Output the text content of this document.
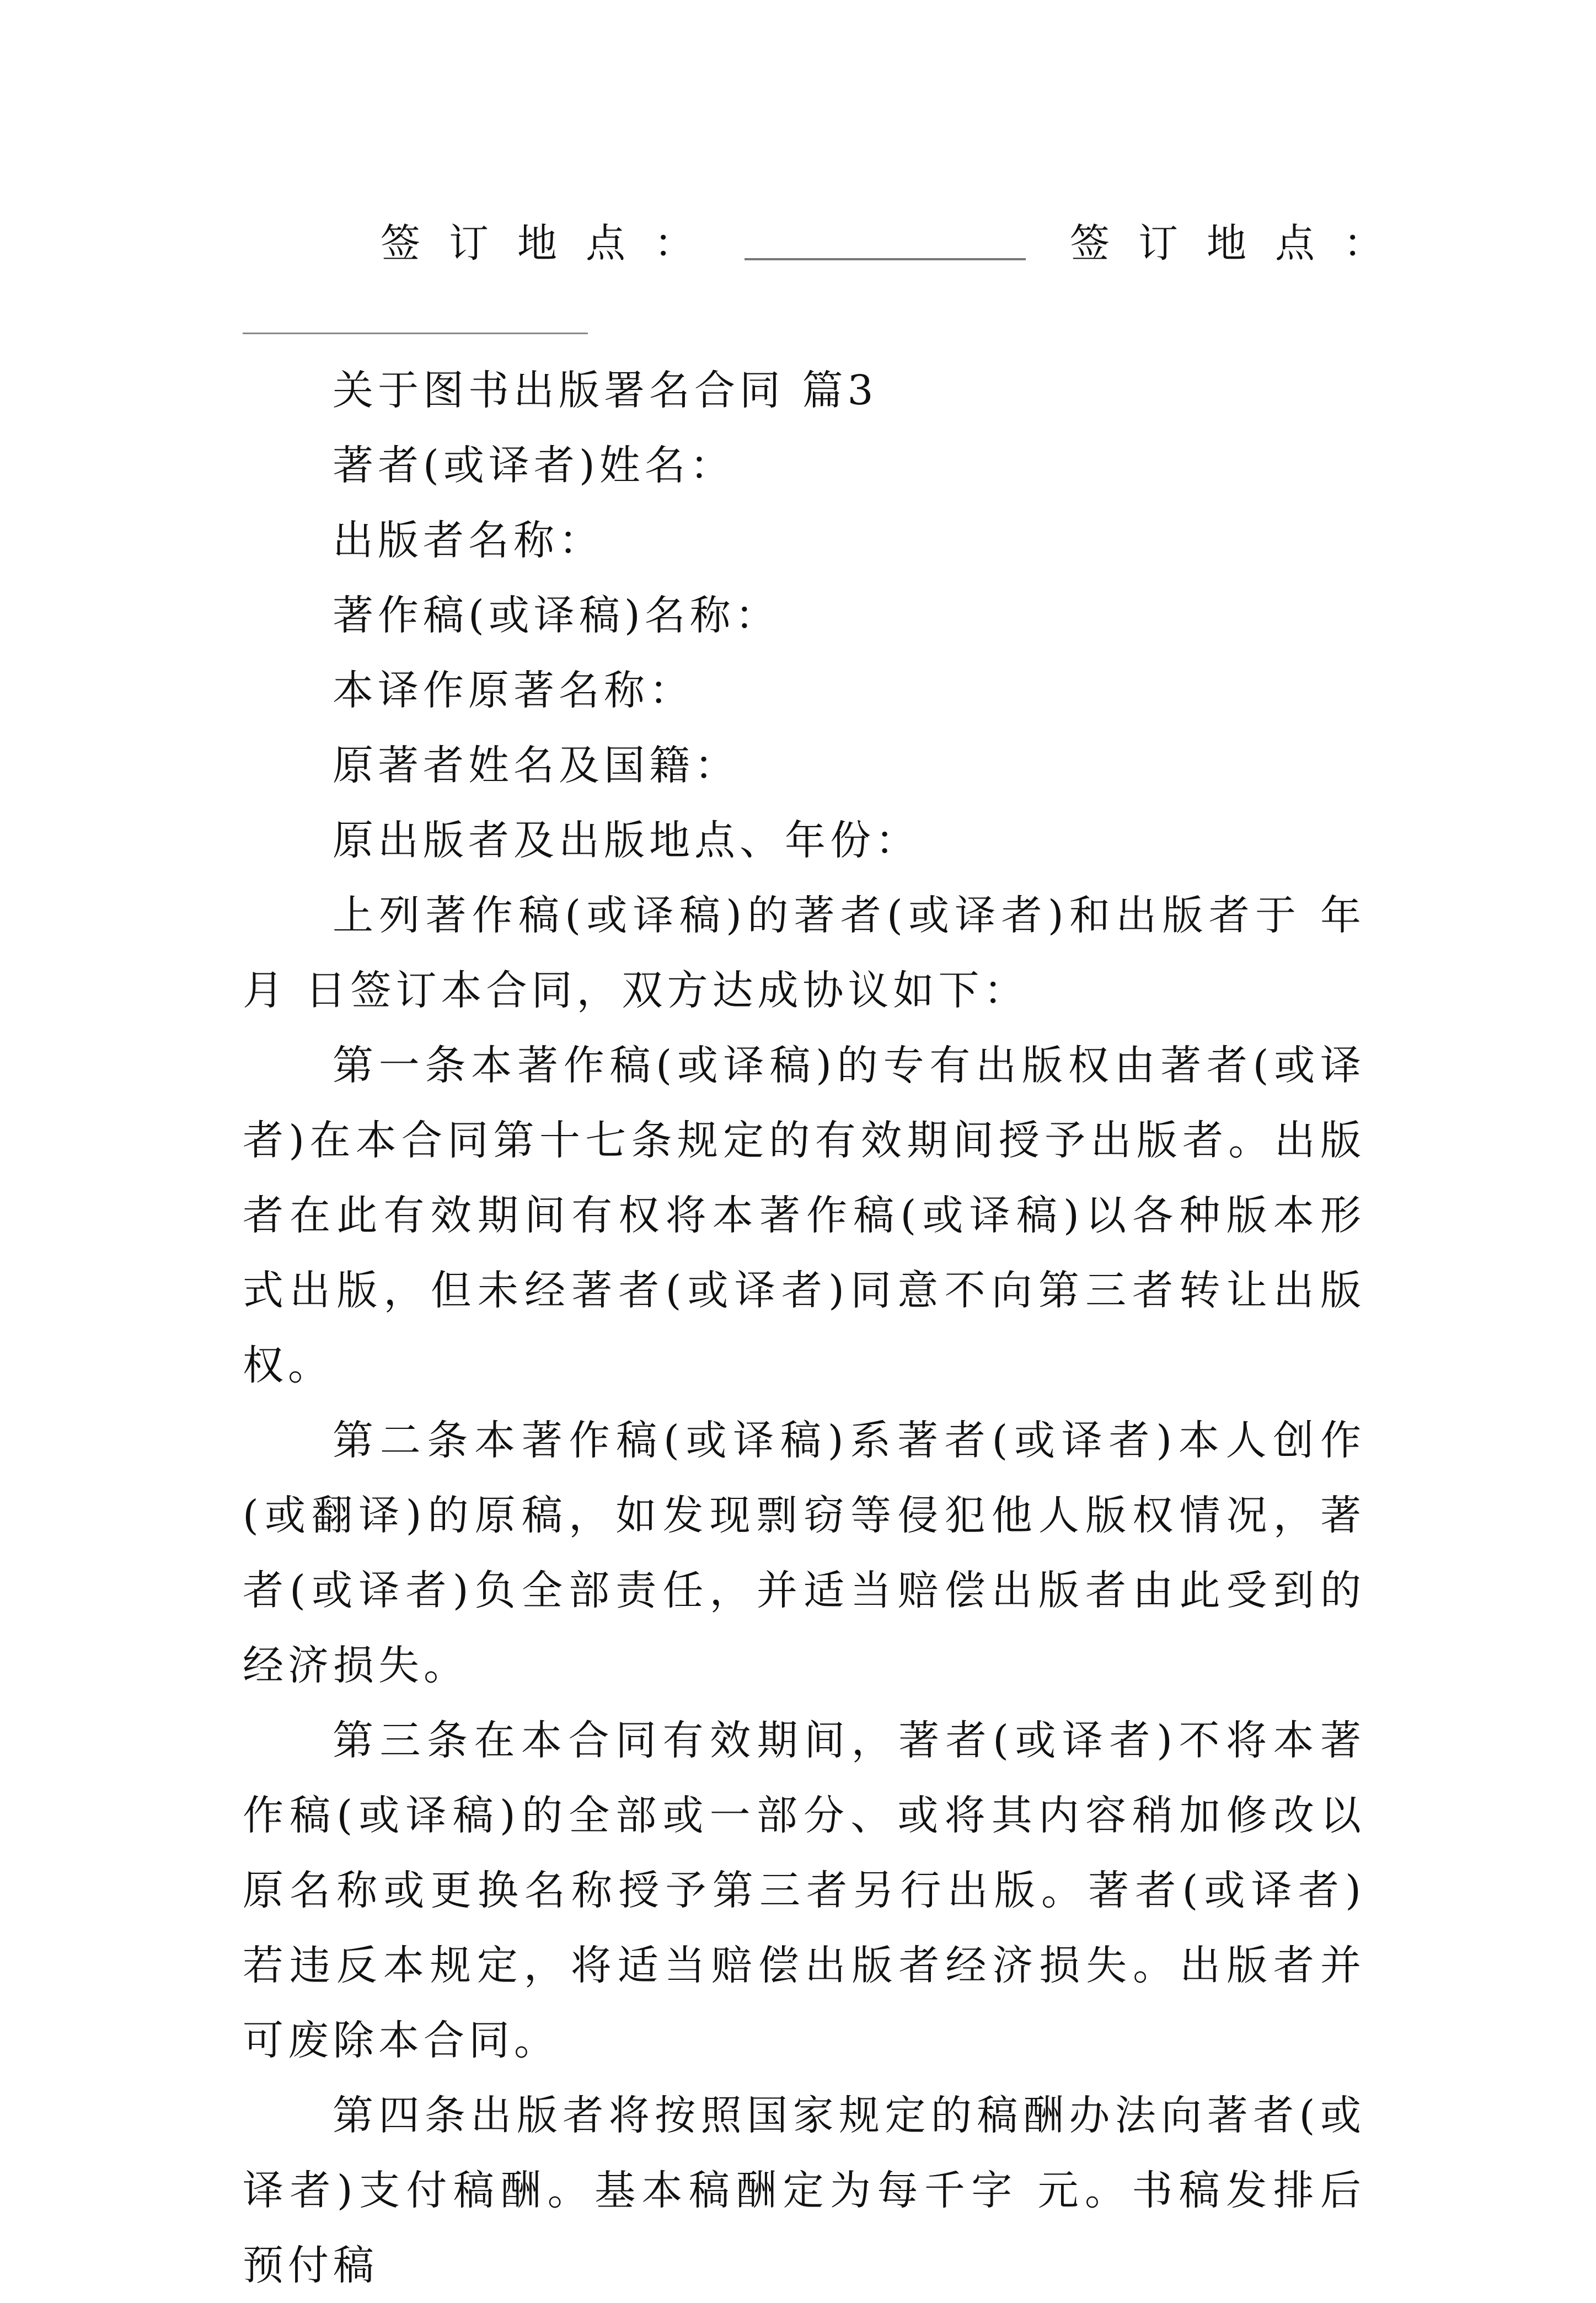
签订地点：	签订地点：
关于图书出版署名合同 篇3
著者(或译者)姓名：
出版者名称：
著作稿(或译稿)名称：
本译作原著名称：
原著者姓名及国籍：
原出版者及出版地点、年份：

上列著作稿(或译稿)的著者(或译者)和出版者于 年 月 日签订本合同，双方达成协议如下：

第一条本著作稿(或译稿)的专有出版权由著者(或译者)在本合同第十七条规定的有效期间授予出版者。出版者在此有效期间有权将本著作稿(或译稿)以各种版本形式出版，但未经著者(或译者)同意不向第三者转让出版权。

第二条本著作稿(或译稿)系著者(或译者)本人创作(或翻译)的原稿，如发现剽窃等侵犯他人版权情况，著者(或译者)负全部责任，并适当赔偿出版者由此受到的经济损失。

第三条在本合同有效期间，著者(或译者)不将本著作稿(或译稿)的全部或一部分、或将其内容稍加修改以原名称或更换名称授予第三者另行出版。著者(或译者)若违反本规定，将适当赔偿出版者经济损失。出版者并可废除本合同。

第四条出版者将按照国家规定的稿酬办法向著者(或译者)支付稿酬。基本稿酬定为每千字 元。书稿发排后预付稿
